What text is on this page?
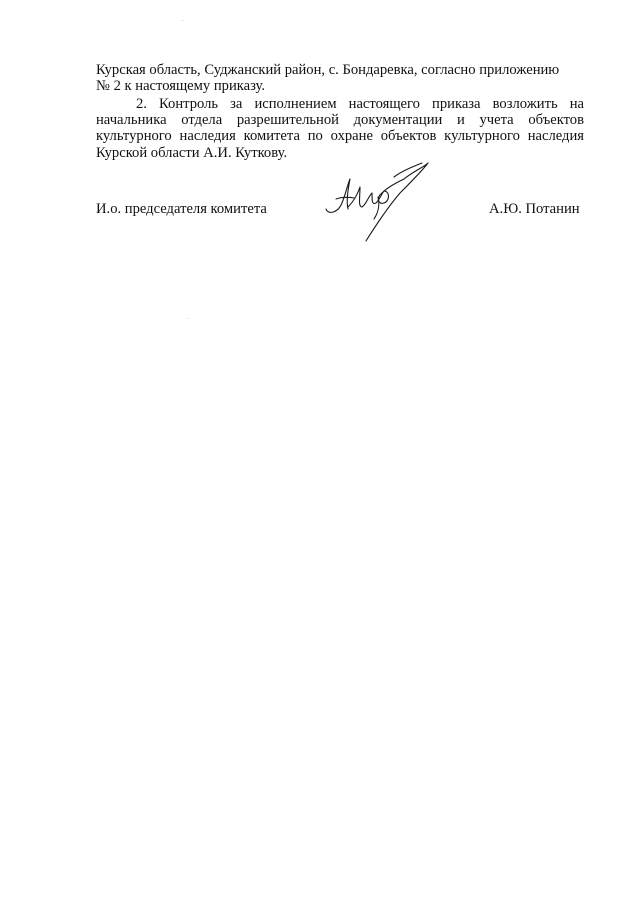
Курская область, Суджанский район, с. Бондаревка, согласно приложению
№ 2 к настоящему приказу.
2. Контроль за исполнением настоящего приказа возложить на начальника отдела разрешительной документации и учета объектов культурного наследия комитета по охране объектов культурного наследия Курской области А.И. Куткову.
И.о. председателя комитета	А.Ю. Потанин
